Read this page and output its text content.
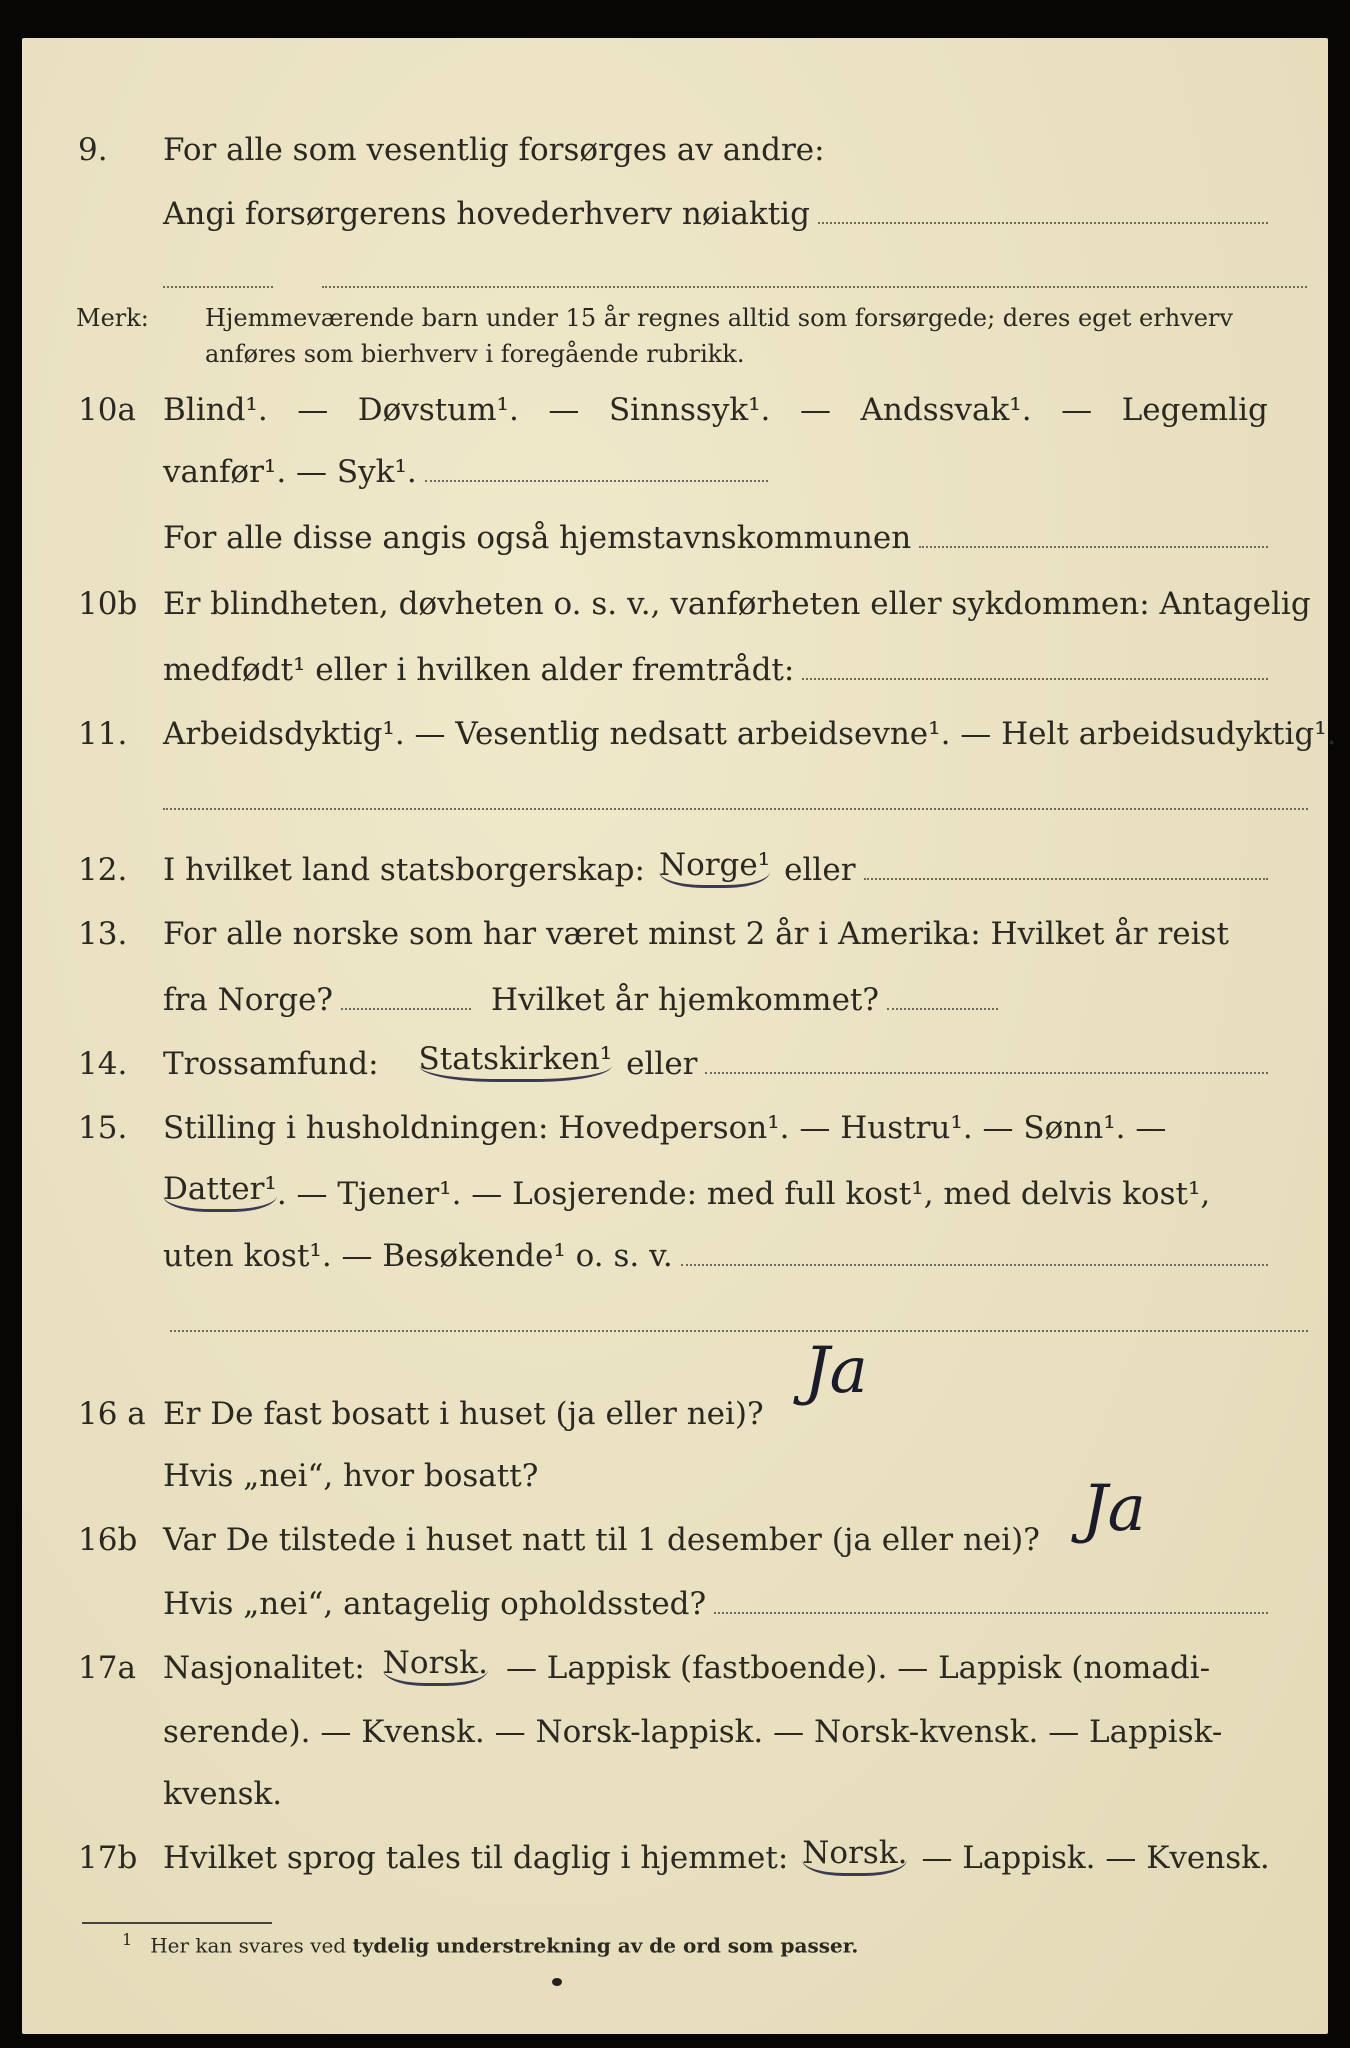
9. For alle som vesentlig forsørges av andre:
Angi forsørgerens hovederhverv nøiaktig
Merk: Hjemmeværende barn under 15 år regnes alltid som forsørgede; deres eget erhverv
anføres som bierhverv i foregående rubrikk.
10a Blind¹. — Døvstum¹. — Sinnssyk¹. — Andssvak¹. — Legemlig
vanfør¹. — Syk¹.
For alle disse angis også hjemstavnskommunen
10b Er blindheten, døvheten o. s. v., vanførheten eller sykdommen: Antagelig
medfødt¹ eller i hvilken alder fremtrådt:
11. Arbeidsdyktig¹. — Vesentlig nedsatt arbeidsevne¹. — Helt arbeidsudyktig¹.
12. I hvilket land statsborgerskap: Norge¹ eller
13. For alle norske som har været minst 2 år i Amerika: Hvilket år reist
fra Norge?	Hvilket år hjemkommet?
14. Trossamfund: Statskirken¹ eller
15. Stilling i husholdningen: Hovedperson¹. — Hustru¹. — Sønn¹. —
Datter¹ . — Tjener¹. — Losjerende: med full kost¹, med delvis kost¹,
uten kost¹. — Besøkende¹ o. s. v.
16 a Er De fast bosatt i huset (ja eller nei)?
Ja
Hvis „nei“, hvor bosatt?
16b Var De tilstede i huset natt til 1 desember (ja eller nei)? Ja
Hvis „nei“, antagelig opholdssted?
17a Nasjonalitet: Norsk. — Lappisk (fastboende). — Lappisk (nomadi-
serende). — Kvensk. — Norsk-lappisk. — Norsk-kvensk. — Lappisk-
kvensk.
17b Hvilket sprog tales til daglig i hjemmet: Norsk. — Lappisk. — Kvensk.
$^1$ Her kan svares ved tydelig understrekning av de ord som passer.
